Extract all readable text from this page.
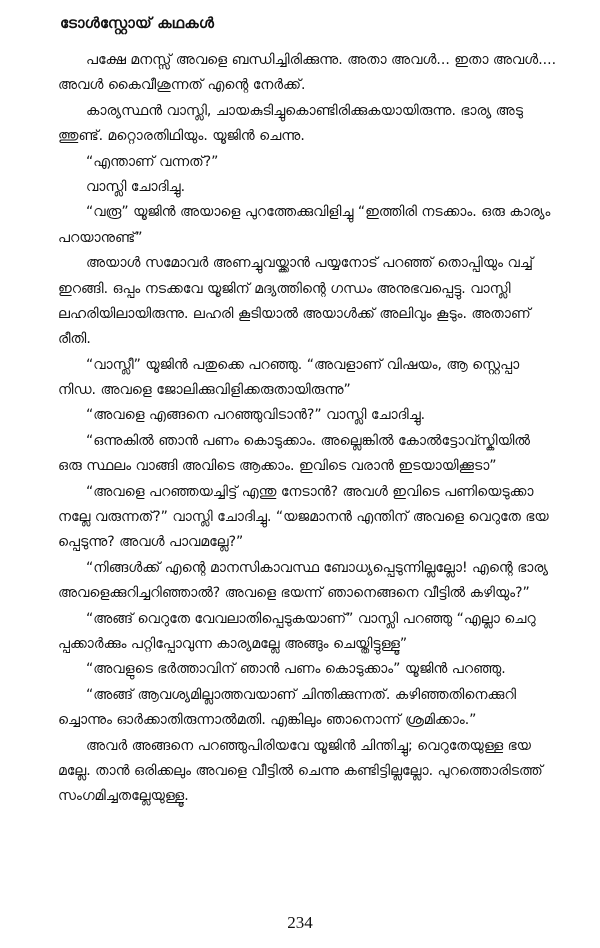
ടോൾസ്റ്റോയ് കഥകൾ
പക്ഷേ മനസ്സ് അവളെ ബന്ധിച്ചിരിക്കുന്നു. അതാ അവൾ... ഇതാ അവൾ....
അവൾ കൈവീശുന്നത് എന്റെ നേർക്ക്.
കാര്യസ്ഥൻ വാസ്ലി, ചായകുടിച്ചുകൊണ്ടിരിക്കുകയായിരുന്നു. ഭാര്യ അടു
ത്തുണ്ട്. മറ്റൊരതിഥിയും. യൂജിൻ ചെന്നു.
“എന്താണ് വന്നത്?”
വാസ്ലി ചോദിച്ചു.
“വരൂ” യൂജിൻ അയാളെ പുറത്തേക്കുവിളിച്ചു “ഇത്തിരി നടക്കാം. ഒരു കാര്യം
പറയാനുണ്ട്”
അയാൾ സമോവർ അണച്ചുവയ്ക്കാൻ പയ്യനോട് പറഞ്ഞ് തൊപ്പിയും വച്ച്
ഇറങ്ങി. ഒപ്പം നടക്കവേ യൂജിന് മദ്യത്തിന്റെ ഗന്ധം അനുഭവപ്പെട്ടു. വാസ്ലി
ലഹരിയിലായിരുന്നു. ലഹരി കൂടിയാൽ അയാൾക്ക് അലിവും കൂടും. അതാണ്
രീതി.
“വാസ്ലീ” യൂജിൻ പതുക്കെ പറഞ്ഞു. “അവളാണ് വിഷയം, ആ സ്റ്റെപ്പാ
നിഡ. അവളെ ജോലിക്കുവിളിക്കരുതായിരുന്നു”
“അവളെ എങ്ങനെ പറഞ്ഞുവിടാൻ?” വാസ്ലി ചോദിച്ചു.
“ഒന്നുകിൽ ഞാൻ പണം കൊടുക്കാം. അല്ലെങ്കിൽ കോൽട്ടോവ്സ്കിയിൽ
ഒരു സ്ഥലം വാങ്ങി അവിടെ ആക്കാം. ഇവിടെ വരാൻ ഇടയായിക്കൂടാ”
“അവളെ പറഞ്ഞയച്ചിട്ട് എന്തു നേടാൻ? അവൾ ഇവിടെ പണിയെടുക്കാ
നല്ലേ വരുന്നത്?” വാസ്ലി ചോദിച്ചു. “യജമാനൻ എന്തിന് അവളെ വെറുതേ ഭയ
പ്പെടുന്നു? അവൾ പാവമല്ലേ?”
“നിങ്ങൾക്ക് എന്റെ മാനസികാവസ്ഥ ബോധ്യപ്പെടുന്നില്ലല്ലോ! എന്റെ ഭാര്യ
അവളെക്കുറിച്ചറിഞ്ഞാൽ? അവളെ ഭയന്ന് ഞാനെങ്ങനെ വീട്ടിൽ കഴിയും?”
“അങ്ങ് വെറുതേ വേവലാതിപ്പെടുകയാണ്” വാസ്ലി പറഞ്ഞു “എല്ലാ ചെറു
പ്പക്കാർക്കും പറ്റിപ്പോവുന്ന കാര്യമല്ലേ അങ്ങും ചെയ്തിട്ടുള്ളൂ”
“അവളുടെ ഭർത്താവിന് ഞാൻ പണം കൊടുക്കാം” യൂജിൻ പറഞ്ഞു.
“അങ്ങ് ആവശ്യമില്ലാത്തവയാണ് ചിന്തിക്കുന്നത്. കഴിഞ്ഞതിനെക്കുറി
ച്ചൊന്നും ഓർക്കാതിരുന്നാൽമതി. എങ്കിലും ഞാനൊന്ന് ശ്രമിക്കാം.”
അവർ അങ്ങനെ പറഞ്ഞുപിരിയവേ യൂജിൻ ചിന്തിച്ചു; വെറുതേയുള്ള ഭയ
മല്ലേ. താൻ ഒരിക്കലും അവളെ വീട്ടിൽ ചെന്നു കണ്ടിട്ടില്ലല്ലോ. പുറത്തൊരിടത്ത്
സംഗമിച്ചതല്ലേയുള്ളൂ.
234
